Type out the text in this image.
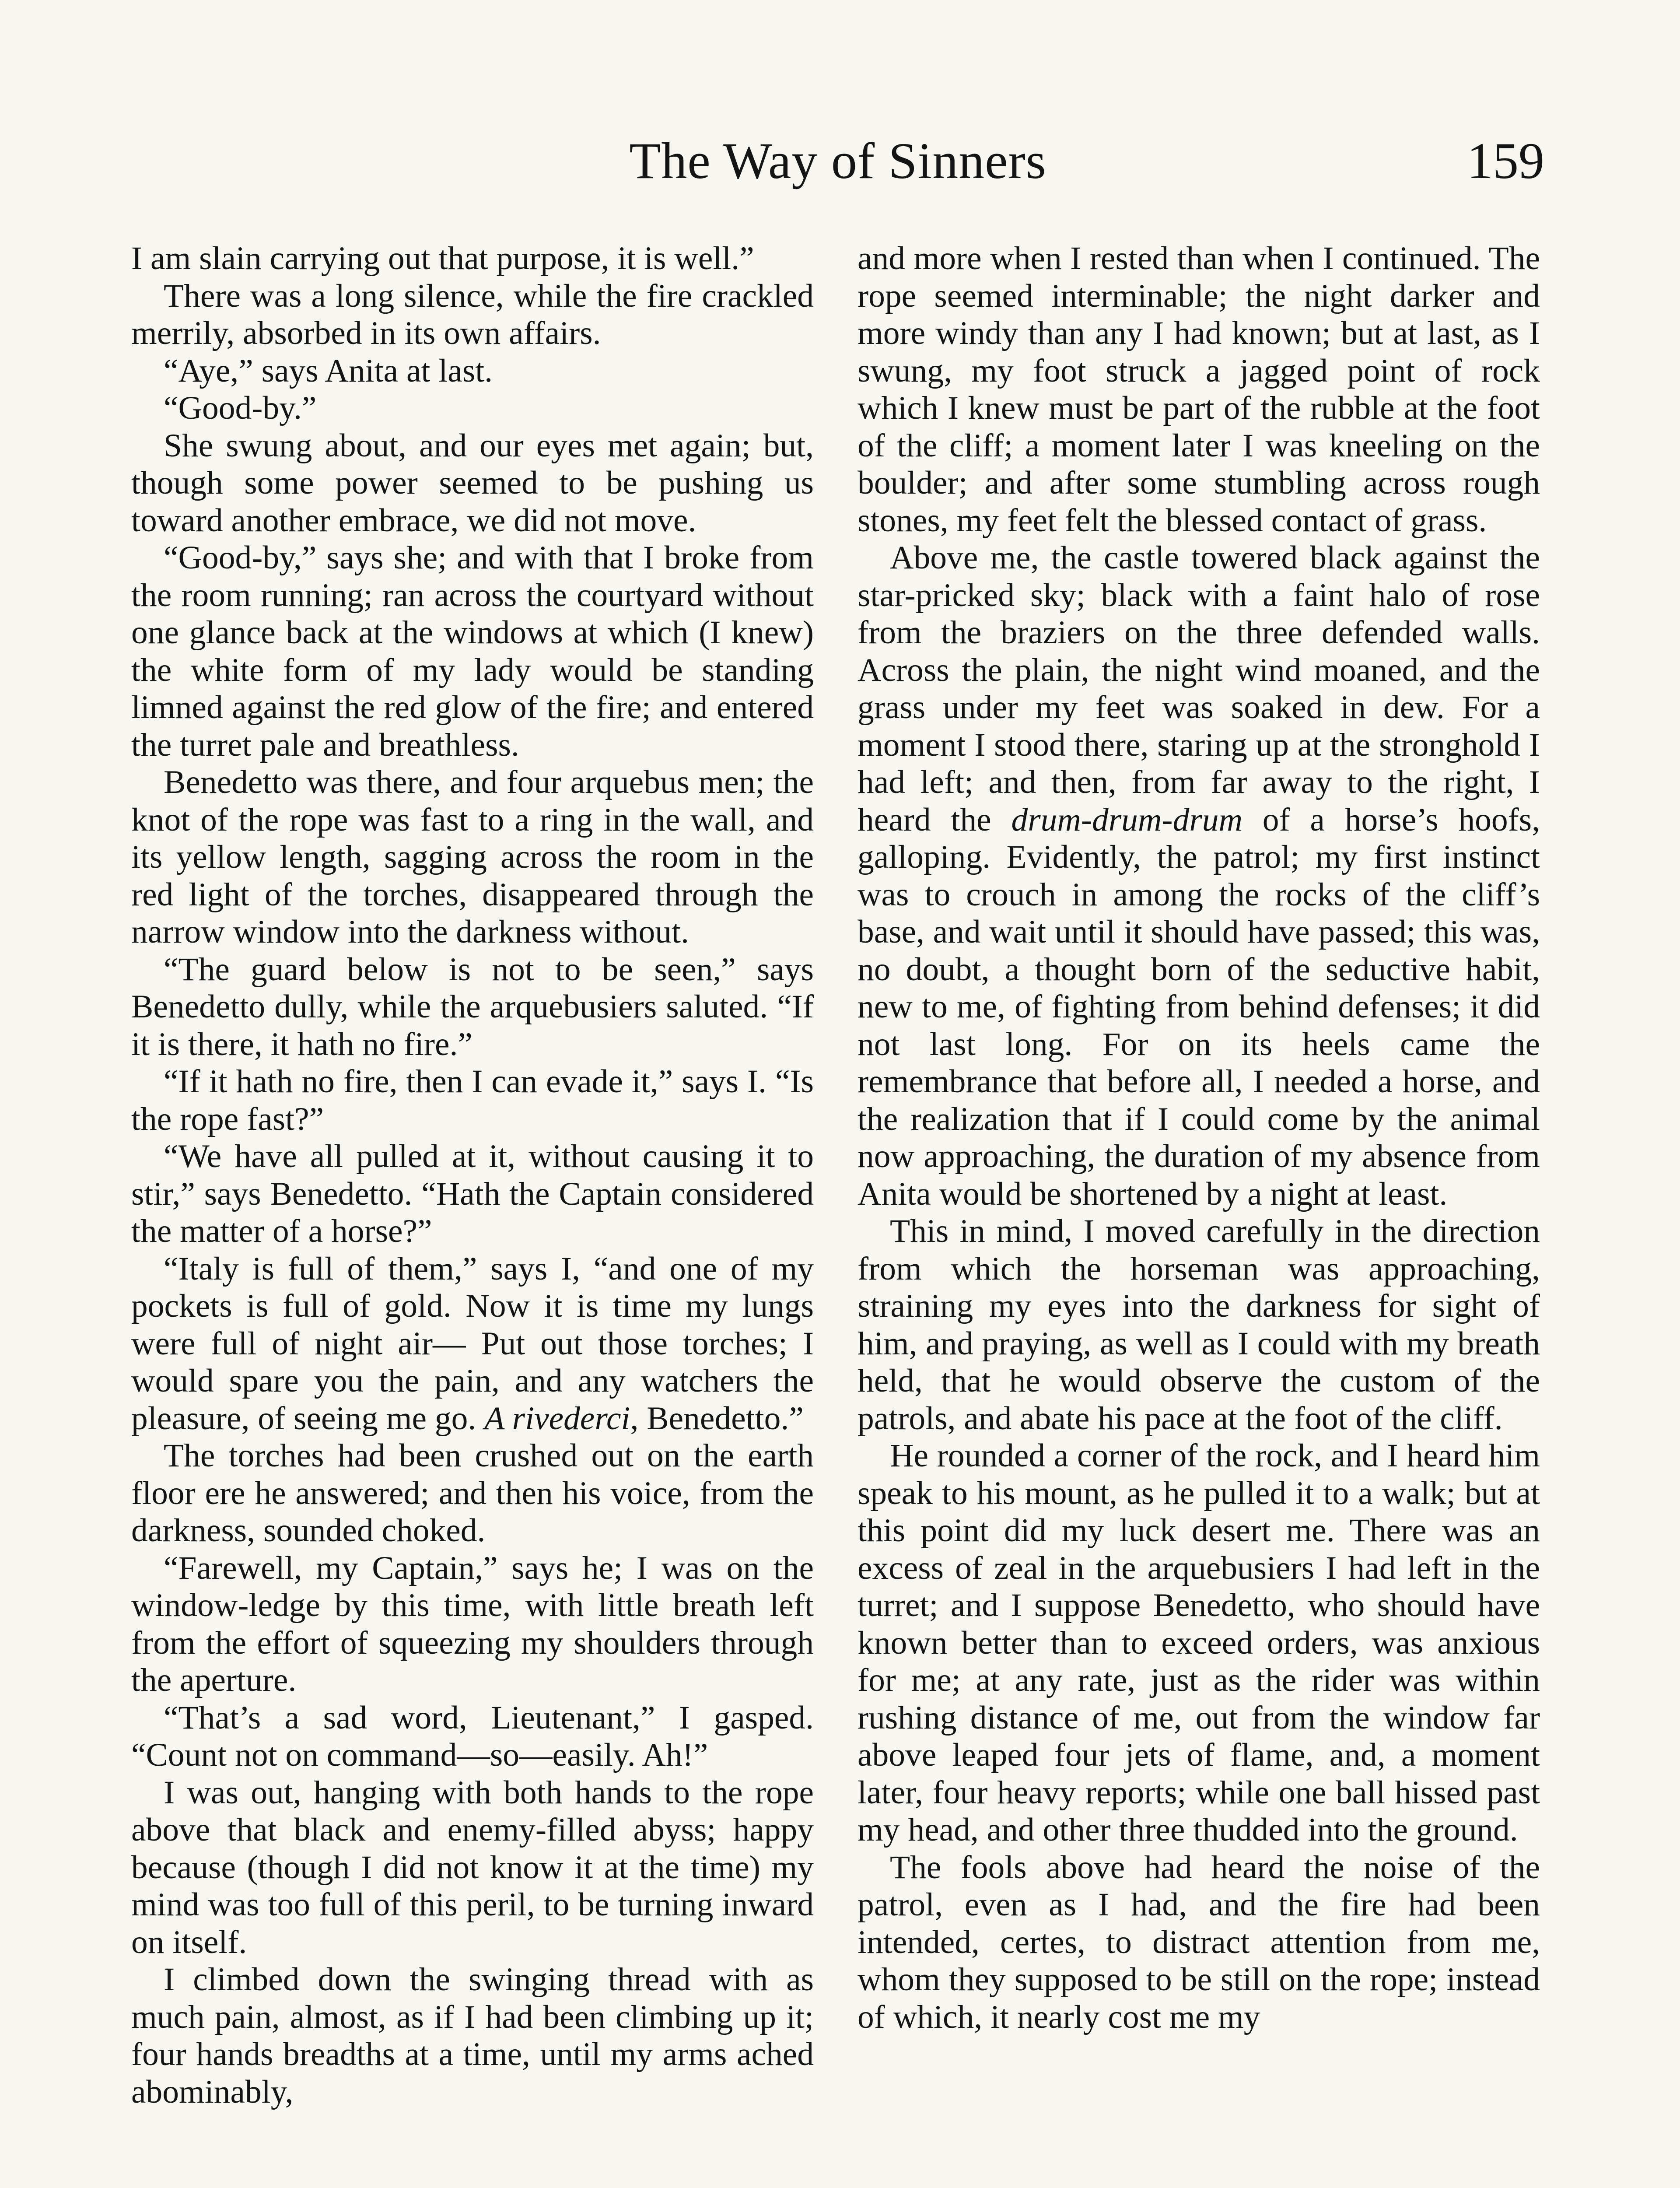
The Way of Sinners	159

I am slain carrying out that purpose, it is well.”

There was a long silence, while the fire crackled merrily, absorbed in its own affairs.

“Aye,” says Anita at last.

“Good-by.”

She swung about, and our eyes met again; but, though some power seemed to be pushing us toward another embrace, we did not move.

“Good-by,” says she; and with that I broke from the room running; ran across the courtyard without one glance back at the windows at which (I knew) the white form of my lady would be standing limned against the red glow of the fire; and entered the turret pale and breathless.

Benedetto was there, and four arquebus men; the knot of the rope was fast to a ring in the wall, and its yellow length, sagging across the room in the red light of the torches, disappeared through the narrow window into the darkness without.

“The guard below is not to be seen,” says Benedetto dully, while the arquebusiers saluted. “If it is there, it hath no fire.”

“If it hath no fire, then I can evade it,” says I. “Is the rope fast?”

“We have all pulled at it, without causing it to stir,” says Benedetto. “Hath the Captain considered the matter of a horse?”

“Italy is full of them,” says I, “and one of my pockets is full of gold. Now it is time my lungs were full of night air— Put out those torches; I would spare you the pain, and any watchers the pleasure, of seeing me go. A rivederci, Benedetto.”

The torches had been crushed out on the earth floor ere he answered; and then his voice, from the darkness, sounded choked.

“Farewell, my Captain,” says he; I was on the window-ledge by this time, with little breath left from the effort of squeezing my shoulders through the aperture.

“That’s a sad word, Lieutenant,” I gasped. “Count not on command—so—easily. Ah!”

I was out, hanging with both hands to the rope above that black and enemy-filled abyss; happy because (though I did not know it at the time) my mind was too full of this peril, to be turning inward on itself.

I climbed down the swinging thread with as much pain, almost, as if I had been climbing up it; four hands breadths at a time, until my arms ached abominably,

and more when I rested than when I continued. The rope seemed interminable; the night darker and more windy than any I had known; but at last, as I swung, my foot struck a jagged point of rock which I knew must be part of the rubble at the foot of the cliff; a moment later I was kneeling on the boulder; and after some stumbling across rough stones, my feet felt the blessed contact of grass.

Above me, the castle towered black against the star-pricked sky; black with a faint halo of rose from the braziers on the three defended walls. Across the plain, the night wind moaned, and the grass under my feet was soaked in dew. For a moment I stood there, staring up at the stronghold I had left; and then, from far away to the right, I heard the drum-drum-drum of a horse’s hoofs, galloping. Evidently, the patrol; my first instinct was to crouch in among the rocks of the cliff’s base, and wait until it should have passed; this was, no doubt, a thought born of the seductive habit, new to me, of fighting from behind defenses; it did not last long. For on its heels came the remembrance that before all, I needed a horse, and the realization that if I could come by the animal now approaching, the duration of my absence from Anita would be shortened by a night at least.

This in mind, I moved carefully in the direction from which the horseman was approaching, straining my eyes into the darkness for sight of him, and praying, as well as I could with my breath held, that he would observe the custom of the patrols, and abate his pace at the foot of the cliff.

He rounded a corner of the rock, and I heard him speak to his mount, as he pulled it to a walk; but at this point did my luck desert me. There was an excess of zeal in the arquebusiers I had left in the turret; and I suppose Benedetto, who should have known better than to exceed orders, was anxious for me; at any rate, just as the rider was within rushing distance of me, out from the window far above leaped four jets of flame, and, a moment later, four heavy reports; while one ball hissed past my head, and other three thudded into the ground.

The fools above had heard the noise of the patrol, even as I had, and the fire had been intended, certes, to distract attention from me, whom they supposed to be still on the rope; instead of which, it nearly cost me my
